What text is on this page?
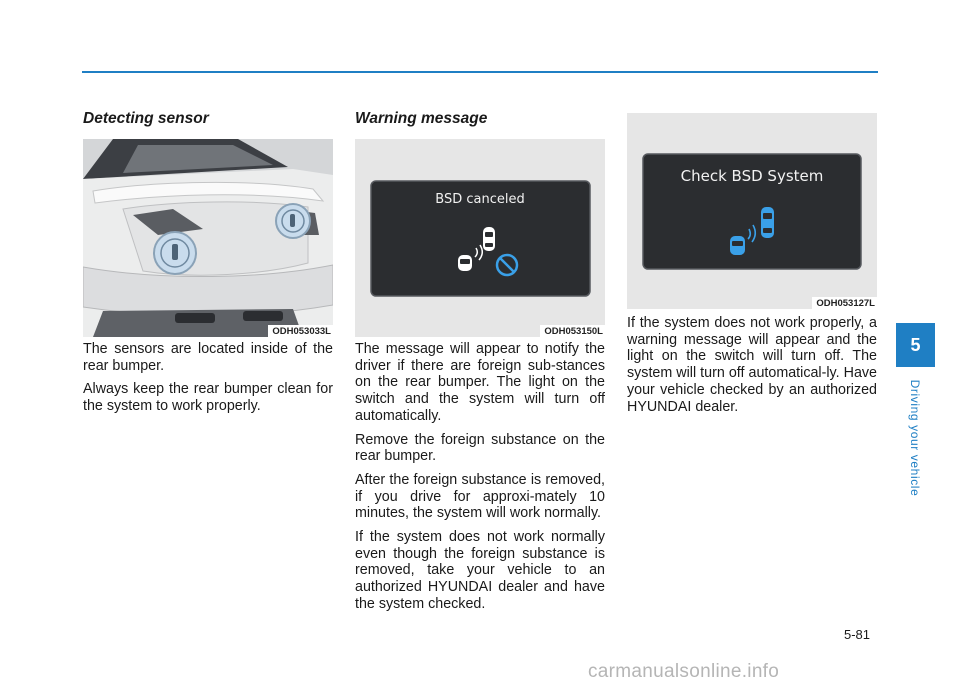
Detecting sensor
ODH053033L

The sensors are located inside of the rear bumper.

Always keep the rear bumper clean for the system to work properly.

Warning message
BSD canceled
ODH053150L

The message will appear to notify the driver if there are foreign sub-stances on the rear bumper. The light on the switch and the system will turn off automatically.

Remove the foreign substance on the rear bumper.

After the foreign substance is removed, if you drive for approxi-mately 10 minutes, the system will work normally.

If the system does not work normally even though the foreign substance is removed, take your vehicle to an authorized HYUNDAI dealer and have the system checked.

Check BSD System
ODH053127L

If the system does not work properly, a warning message will appear and the light on the switch will turn off. The system will turn off automatical-ly. Have your vehicle checked by an authorized HYUNDAI dealer.

5
Driving your vehicle
5-81
carmanualsonline.info
